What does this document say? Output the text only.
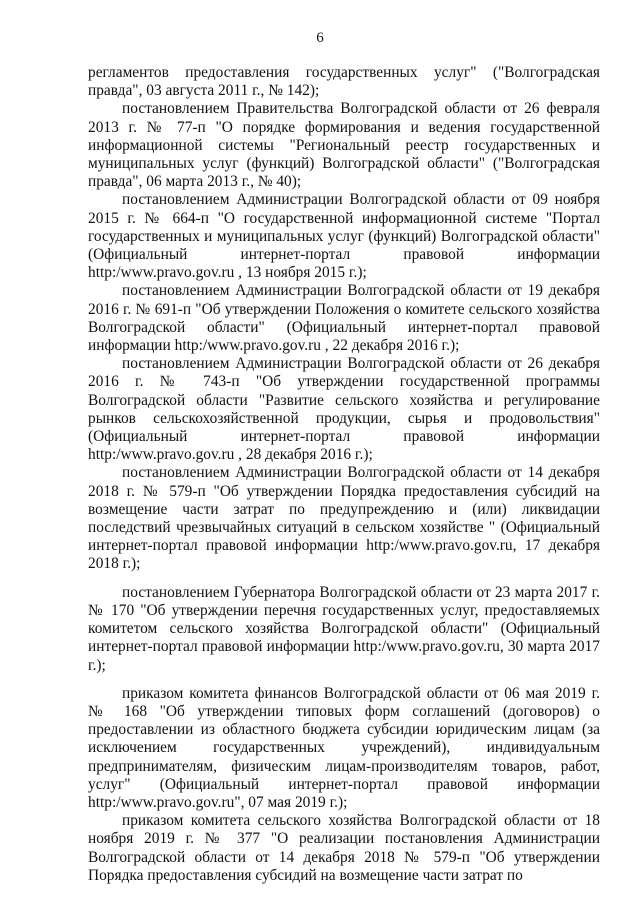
6

регламентов предоставления государственных услуг" ("Волгоградская правда", 03 августа 2011 г., № 142);

постановлением Правительства Волгоградской области от 26 февраля 2013 г. № 77-п "О порядке формирования и ведения государственной информационной системы "Региональный реестр государственных и муниципальных услуг (функций) Волгоградской области" ("Волгоградская правда", 06 марта 2013 г., № 40);

постановлением Администрации Волгоградской области от 09 ноября 2015 г. № 664-п "О государственной информационной системе "Портал государственных и муниципальных услуг (функций) Волгоградской области" (Официальный интернет-портал правовой информации http:/www.pravo.gov.ru , 13 ноября 2015 г.);

постановлением Администрации Волгоградской области от 19 декабря 2016 г. № 691-п "Об утверждении Положения о комитете сельского хозяйства Волгоградской области" (Официальный интернет-портал правовой информации http:/www.pravo.gov.ru , 22 декабря 2016 г.);

постановлением Администрации Волгоградской области от 26 декабря 2016 г. № 743-п "Об утверждении государственной программы Волгоградской области "Развитие сельского хозяйства и регулирование рынков сельскохозяйственной продукции, сырья и продовольствия" (Официальный интернет-портал правовой информации http:/www.pravo.gov.ru , 28 декабря 2016 г.);

постановлением Администрации Волгоградской области от 14 декабря 2018 г. № 579-п "Об утверждении Порядка предоставления субсидий на возмещение части затрат по предупреждению и (или) ликвидации последствий чрезвычайных ситуаций в сельском хозяйстве " (Официальный интернет-портал правовой информации http:/www.pravo.gov.ru, 17 декабря 2018 г.);

постановлением Губернатора Волгоградской области от 23 марта 2017 г. № 170 "Об утверждении перечня государственных услуг, предоставляемых комитетом сельского хозяйства Волгоградской области" (Официальный интернет-портал правовой информации http:/www.pravo.gov.ru, 30 марта 2017 г.);

приказом комитета финансов Волгоградской области от 06 мая 2019 г. № 168 "Об утверждении типовых форм соглашений (договоров) о предоставлении из областного бюджета субсидии юридическим лицам (за исключением государственных учреждений), индивидуальным предпринимателям, физическим лицам-производителям товаров, работ, услуг" (Официальный интернет-портал правовой информации http:/www.pravo.gov.ru", 07 мая 2019 г.);

приказом комитета сельского хозяйства Волгоградской области от 18 ноября 2019 г. № 377 "О реализации постановления Администрации Волгоградской области от 14 декабря 2018 № 579-п "Об утверждении Порядка предоставления субсидий на возмещение части затрат по
